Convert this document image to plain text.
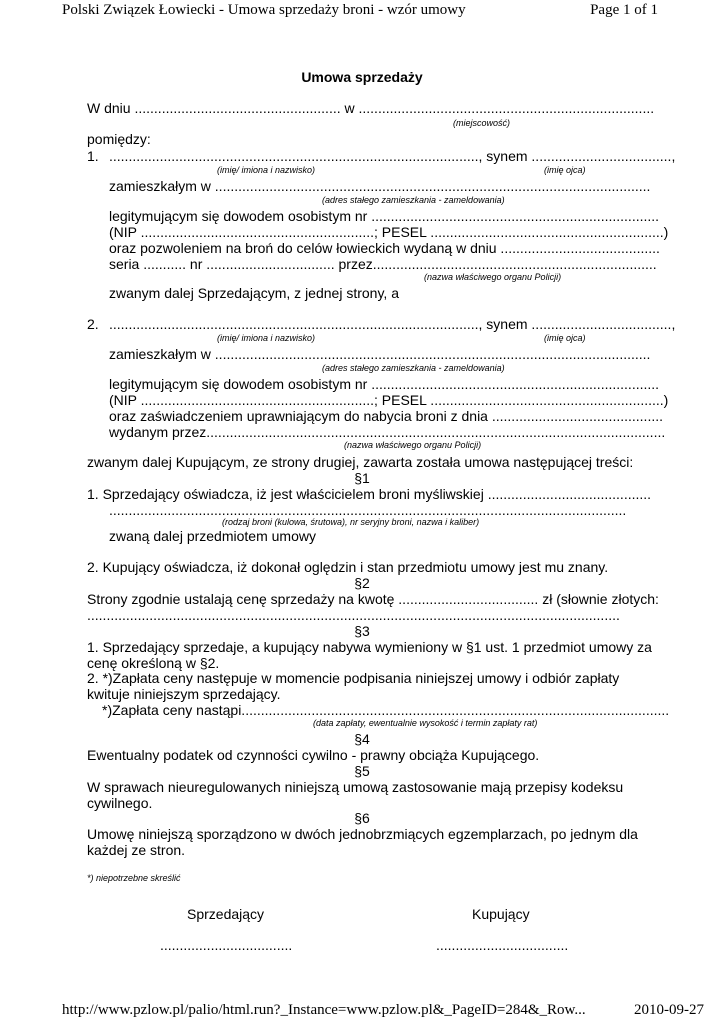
Polski Związek Łowiecki - Umowa sprzedaży broni - wzór umowy	Page 1 of 1
Umowa sprzedaży
W dniu ..................................................... w ............................................................................
(miejscowość)
pomiędzy:
1. ..............................................................................................., synem ....................................,
(imię/ imiona i nazwisko)	(imię ojca)
zamieszkałym w ................................................................................................................
(adres stałego zamieszkania - zameldowania)
legitymującym się dowodem osobistym nr ..........................................................................
(NIP ............................................................; PESEL ............................................................)
oraz pozwoleniem na broń do celów łowieckich wydaną w dniu .........................................
seria ........... nr ................................. przez.........................................................................
(nazwa właściwego organu Policji)
zwanym dalej Sprzedającym, z jednej strony, a
2. ..............................................................................................., synem ....................................,
(imię/ imiona i nazwisko)	(imię ojca)
zamieszkałym w ................................................................................................................
(adres stałego zamieszkania - zameldowania)
legitymującym się dowodem osobistym nr ..........................................................................
(NIP ............................................................; PESEL ............................................................)
oraz zaświadczeniem uprawniającym do nabycia broni z dnia ............................................
wydanym przez......................................................................................................................
(nazwa właściwego organu Policji)
zwanym dalej Kupującym, ze strony drugiej, zawarta została umowa następującej treści:
§1
1. Sprzedający oświadcza, iż jest właścicielem broni myśliwskiej ..........................................
.....................................................................................................................................
(rodzaj broni (kulowa, śrutowa), nr seryjny broni, nazwa i kaliber)
zwaną dalej przedmiotem umowy
2. Kupujący oświadcza, iż dokonał oględzin i stan przedmiotu umowy jest mu znany.
§2
Strony zgodnie ustalają cenę sprzedaży na kwotę .................................... zł (słownie złotych:
.........................................................................................................................................
§3
1. Sprzedający sprzedaje, a kupujący nabywa wymieniony w §1 ust. 1 przedmiot umowy za
cenę określoną w §2.
2. *)Zapłata ceny następuje w momencie podpisania niniejszej umowy i odbiór zapłaty
kwituje niniejszym sprzedający.
*)Zapłata ceny nastąpi..............................................................................................................
(data zapłaty, ewentualnie wysokość i termin zapłaty rat)
§4
Ewentualny podatek od czynności cywilno - prawny obciąża Kupującego.
§5
W sprawach nieuregulowanych niniejszą umową zastosowanie mają przepisy kodeksu
cywilnego.
§6
Umowę niniejszą sporządzono w dwóch jednobrzmiących egzemplarzach, po jednym dla
każdej ze stron.
*) niepotrzebne skreślić
Sprzedający	Kupujący
..................................	..................................
http://www.pzlow.pl/palio/html.run?_Instance=www.pzlow.pl&_PageID=284&_Row...	2010-09-27
